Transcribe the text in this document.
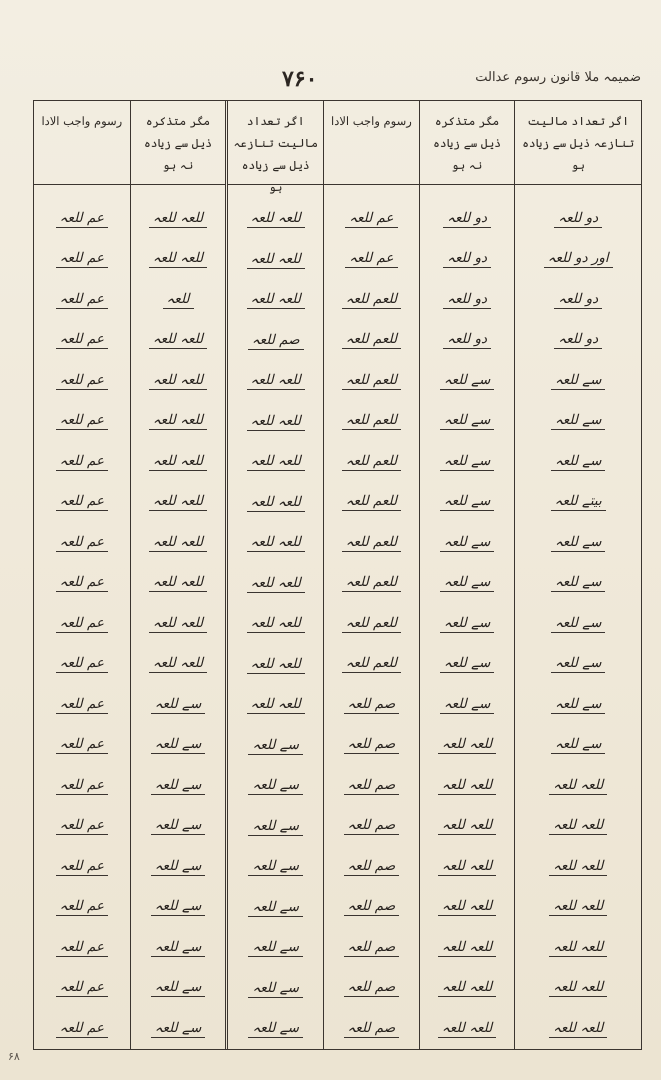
۷۶۰	ضمیمہ ملا قانون رسوم عدالت
اگر تعداد مالیت تنازعہ ذیل سے زیادہ ہو
دو للعہ
اور دو للعہ
دو للعہ
دو للعہ
سے للعہ
سے للعہ
سے للعہ
بیتے للعہ
سے للعہ
سے للعہ
سے للعہ
سے للعہ
سے للعہ
سے للعہ
للعہ للعہ
للعہ للعہ
للعہ للعہ
للعہ للعہ
للعہ للعہ
للعہ للعہ
للعہ للعہ
مگر متذکرہ ذیل سے زیادہ نہ ہو
دو للعہ
دو للعہ
دو للعہ
دو للعہ
سے للعہ
سے للعہ
سے للعہ
سے للعہ
سے للعہ
سے للعہ
سے للعہ
سے للعہ
سے للعہ
للعہ للعہ
للعہ للعہ
للعہ للعہ
للعہ للعہ
للعہ للعہ
للعہ للعہ
للعہ للعہ
للعہ للعہ
رسوم واجب الادا
عم للعہ
عم للعہ
للعم للعہ
للعم للعہ
للعم للعہ
للعم للعہ
للعم للعہ
للعم للعہ
للعم للعہ
للعم للعہ
للعم للعہ
للعم للعہ
صم للعہ
صم للعہ
صم للعہ
صم للعہ
صم للعہ
صم للعہ
صم للعہ
صم للعہ
صم للعہ
اگر تعداد مالیت تنازعہ ذیل سے زیادہ ہو
للعہ للعہ
للعہ للعہ
للعہ للعہ
صم للعہ
للعہ للعہ
للعہ للعہ
للعہ للعہ
للعہ للعہ
للعہ للعہ
للعہ للعہ
للعہ للعہ
للعہ للعہ
للعہ للعہ
سے للعہ
سے للعہ
سے للعہ
سے للعہ
سے للعہ
سے للعہ
سے للعہ
سے للعہ
مگر متذکرہ ذیل سے زیادہ نہ ہو
للعہ للعہ
للعہ للعہ
للعہ
للعہ للعہ
للعہ للعہ
للعہ للعہ
للعہ للعہ
للعہ للعہ
للعہ للعہ
للعہ للعہ
للعہ للعہ
للعہ للعہ
سے للعہ
سے للعہ
سے للعہ
سے للعہ
سے للعہ
سے للعہ
سے للعہ
سے للعہ
سے للعہ
رسوم واجب الادا
عم للعہ
عم للعہ
عم للعہ
عم للعہ
عم للعہ
عم للعہ
عم للعہ
عم للعہ
عم للعہ
عم للعہ
عم للعہ
عم للعہ
عم للعہ
عم للعہ
عم للعہ
عم للعہ
عم للعہ
عم للعہ
عم للعہ
عم للعہ
عم للعہ
۶۸
